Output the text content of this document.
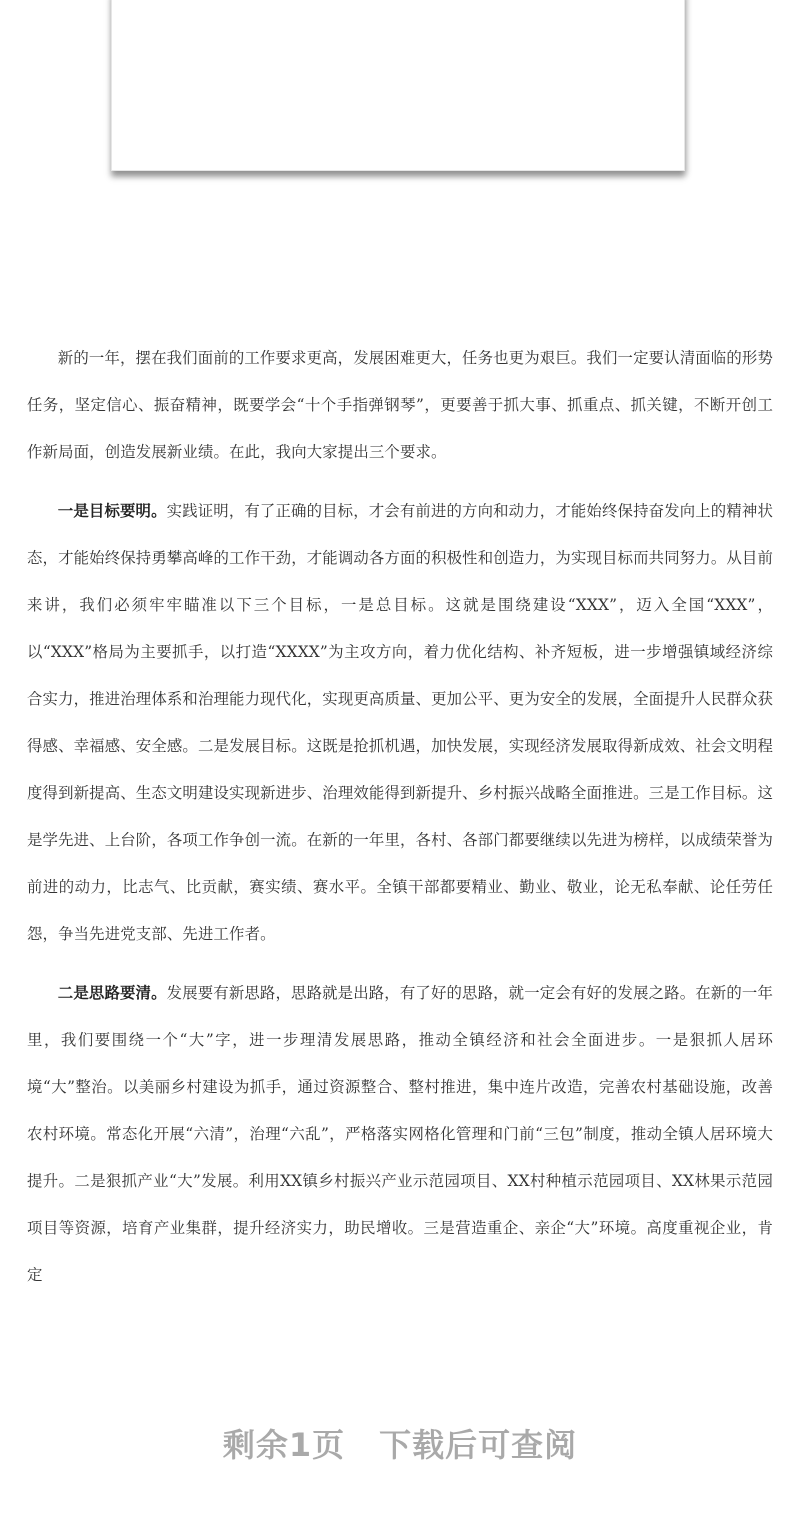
新的一年，摆在我们面前的工作要求更高，发展困难更大，任务也更为艰巨。我们一定要认清面临的形势任务，坚定信心、振奋精神，既要学会“十个手指弹钢琴”，更要善于抓大事、抓重点、抓关键，不断开创工作新局面，创造发展新业绩。在此，我向大家提出三个要求。

一是目标要明。实践证明，有了正确的目标，才会有前进的方向和动力，才能始终保持奋发向上的精神状态，才能始终保持勇攀高峰的工作干劲，才能调动各方面的积极性和创造力，为实现目标而共同努力。从目前来讲，我们必须牢牢瞄准以下三个目标，一是总目标。这就是围绕建设“XXX”，迈入全国“XXX”，以“XXX”格局为主要抓手，以打造“XXXX”为主攻方向，着力优化结构、补齐短板，进一步增强镇域经济综合实力，推进治理体系和治理能力现代化，实现更高质量、更加公平、更为安全的发展，全面提升人民群众获得感、幸福感、安全感。二是发展目标。这既是抢抓机遇，加快发展，实现经济发展取得新成效、社会文明程度得到新提高、生态文明建设实现新进步、治理效能得到新提升、乡村振兴战略全面推进。三是工作目标。这是学先进、上台阶，各项工作争创一流。在新的一年里，各村、各部门都要继续以先进为榜样，以成绩荣誉为前进的动力，比志气、比贡献，赛实绩、赛水平。全镇干部都要精业、勤业、敬业，论无私奉献、论任劳任怨，争当先进党支部、先进工作者。

二是思路要清。发展要有新思路，思路就是出路，有了好的思路，就一定会有好的发展之路。在新的一年里，我们要围绕一个“大”字，进一步理清发展思路，推动全镇经济和社会全面进步。一是狠抓人居环境“大”整治。以美丽乡村建设为抓手，通过资源整合、整村推进，集中连片改造，完善农村基础设施，改善农村环境。常态化开展“六清”，治理“六乱”，严格落实网格化管理和门前“三包”制度，推动全镇人居环境大提升。二是狠抓产业“大”发展。利用XX镇乡村振兴产业示范园项目、XX村种植示范园项目、XX林果示范园项目等资源，培育产业集群，提升经济实力，助民增收。三是营造重企、亲企“大”环境。高度重视企业，肯定

剩余1页 下载后可查阅
